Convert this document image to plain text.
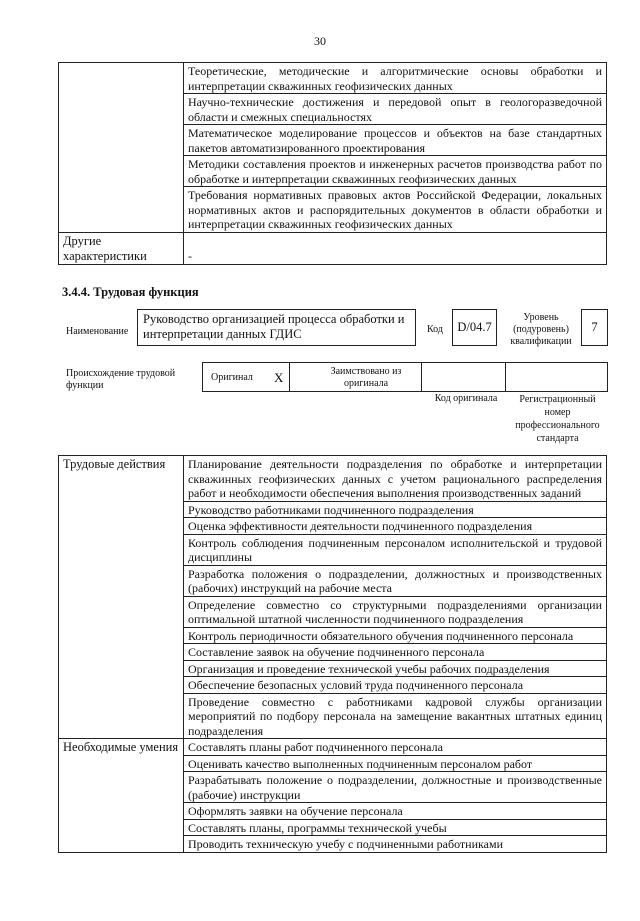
30
	Теоретические, методические и алгоритмические основы обработки и интерпретации скважинных геофизических данных
	Научно-технические достижения и передовой опыт в геологоразведочной области и смежных специальностях
	Математическое моделирование процессов и объектов на базе стандартных пакетов автоматизированного проектирования
	Методики составления проектов и инженерных расчетов производства работ по обработке и интерпретации скважинных геофизических данных
	Требования нормативных правовых актов Российской Федерации, локальных нормативных актов и распорядительных документов в области обработки и интерпретации скважинных геофизических данных
Другие характеристики	-
3.4.4. Трудовая функция
Наименование
Руководство организацией процесса обработки и интерпретации данных ГДИС	Код	D/04.7
Уровень (подуровень) квалификации
7
Происхождение трудовой функции
Оригинал X	Заимствовано из оригинала
Код оригинала	Регистрационный номер профессионального стандарта
Трудовые действия	Планирование деятельности подразделения по обработке и интерпретации скважинных геофизических данных с учетом рационального распределения работ и необходимости обеспечения выполнения производственных заданий
	Руководство работниками подчиненного подразделения
	Оценка эффективности деятельности подчиненного подразделения
	Контроль соблюдения подчиненным персоналом исполнительской и трудовой дисциплины
	Разработка положения о подразделении, должностных и производственных (рабочих) инструкций на рабочие места
	Определение совместно со структурными подразделениями организации оптимальной штатной численности подчиненного подразделения
	Контроль периодичности обязательного обучения подчиненного персонала
	Составление заявок на обучение подчиненного персонала
	Организация и проведение технической учебы рабочих подразделения
	Обеспечение безопасных условий труда подчиненного персонала
	Проведение совместно с работниками кадровой службы организации мероприятий по подбору персонала на замещение вакантных штатных единиц подразделения
Необходимые умения	Составлять планы работ подчиненного персонала
	Оценивать качество выполненных подчиненным персоналом работ
	Разрабатывать положение о подразделении, должностные и производственные (рабочие) инструкции
	Оформлять заявки на обучение персонала
	Составлять планы, программы технической учебы
	Проводить техническую учебу с подчиненными работниками
